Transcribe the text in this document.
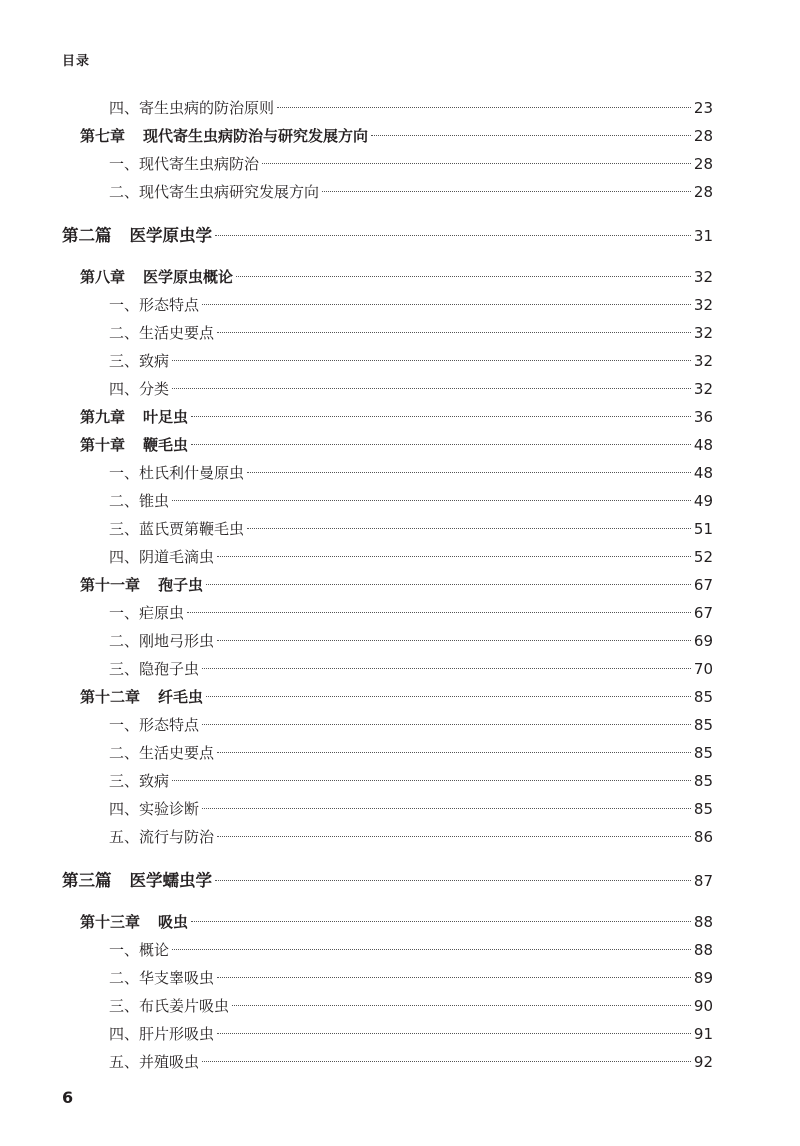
目录
四、寄生虫病的防治原则	23
第七章 现代寄生虫病防治与研究发展方向	28
一、现代寄生虫病防治	28
二、现代寄生虫病研究发展方向	28
第二篇 医学原虫学	31
第八章 医学原虫概论	32
一、形态特点	32
二、生活史要点	32
三、致病	32
四、分类	32
第九章 叶足虫	36
第十章 鞭毛虫	48
一、杜氏利什曼原虫	48
二、锥虫	49
三、蓝氏贾第鞭毛虫	51
四、阴道毛滴虫	52
第十一章 孢子虫	67
一、疟原虫	67
二、刚地弓形虫	69
三、隐孢子虫	70
第十二章 纤毛虫	85
一、形态特点	85
二、生活史要点	85
三、致病	85
四、实验诊断	85
五、流行与防治	86
第三篇 医学蠕虫学	87
第十三章 吸虫	88
一、概论	88
二、华支睾吸虫	89
三、布氏姜片吸虫	90
四、肝片形吸虫	91
五、并殖吸虫	92
6
